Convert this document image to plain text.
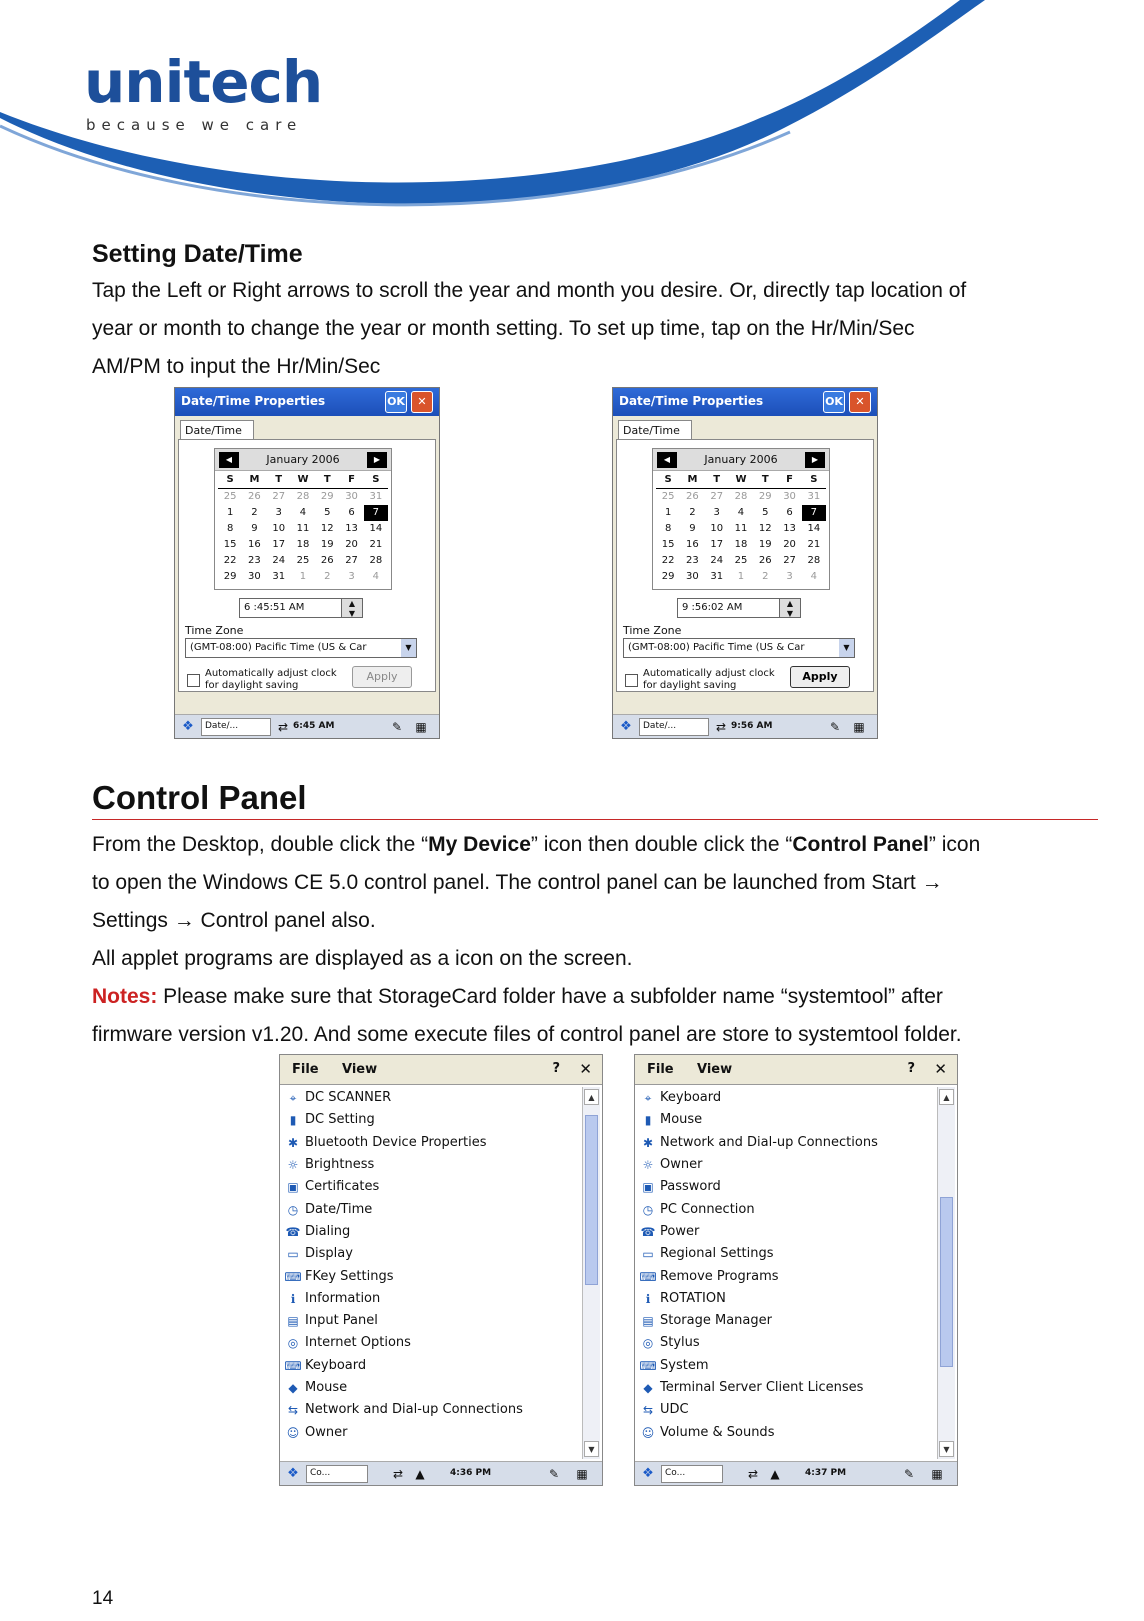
unitech
because we care
Setting Date/Time
Tap the Left or Right arrows to scroll the year and month you desire. Or, directly tap location of
year or month to change the year or month setting. To set up time, tap on the Hr/Min/Sec
AM/PM to input the Hr/Min/Sec
Date/Time Properties	OK	✕
Date/Time
◀	January 2006	▶
S	M	T	W	T	F	S
25	26	27	28	29	30	31
1	2	3	4	5	6	7
8	9	10	11	12	13	14
15	16	17	18	19	20	21
22	23	24	25	26	27	28
29	30	31	1	2	3	4
6 :45:51 AM	▲
▼
Time Zone
(GMT-08:00) Pacific Time (US & Car	▼
Automatically adjust clock for daylight saving
Apply
❖	Date/...	⇄ 6:45 AM	✎ ▦
Date/Time Properties	OK	✕
Date/Time
◀	January 2006	▶
S	M	T	W	T	F	S
25	26	27	28	29	30	31
1	2	3	4	5	6	7
8	9	10	11	12	13	14
15	16	17	18	19	20	21
22	23	24	25	26	27	28
29	30	31	1	2	3	4
9 :56:02 AM	▲
▼
Time Zone
(GMT-08:00) Pacific Time (US & Car	▼
Automatically adjust clock for daylight saving
Apply
❖	Date/...	⇄ 9:56 AM	✎ ▦
Control Panel
From the Desktop, double click the “My Device” icon then double click the “Control Panel” icon
to open the Windows CE 5.0 control panel. The control panel can be launched from Start →
Settings → Control panel also.
All applet programs are displayed as a icon on the screen.
Notes: Please make sure that StorageCard folder have a subfolder name “systemtool” after
firmware version v1.20. And some execute files of control panel are store to systemtool folder.
File View	? ✕
⌖ DC SCANNER
▮ DC Setting
✱ Bluetooth Device Properties
☼ Brightness
▣ Certificates
◷ Date/Time
☎ Dialing
▭ Display
⌨ FKey Settings
ℹ Information
▤ Input Panel
◎ Internet Options
⌨ Keyboard
◆ Mouse
⇆ Network and Dial-up Connections
☺ Owner
▲
▼
❖	Co...	⇄ ▲	4:36 PM	✎ ▦
File View	? ✕
⌖ Keyboard
▮ Mouse
✱ Network and Dial-up Connections
☼ Owner
▣ Password
◷ PC Connection
☎ Power
▭ Regional Settings
⌨ Remove Programs
ℹ ROTATION
▤ Storage Manager
◎ Stylus
⌨ System
◆ Terminal Server Client Licenses
⇆ UDC
☺ Volume & Sounds
▲
▼
❖	Co...	⇄ ▲	4:37 PM	✎ ▦
14
